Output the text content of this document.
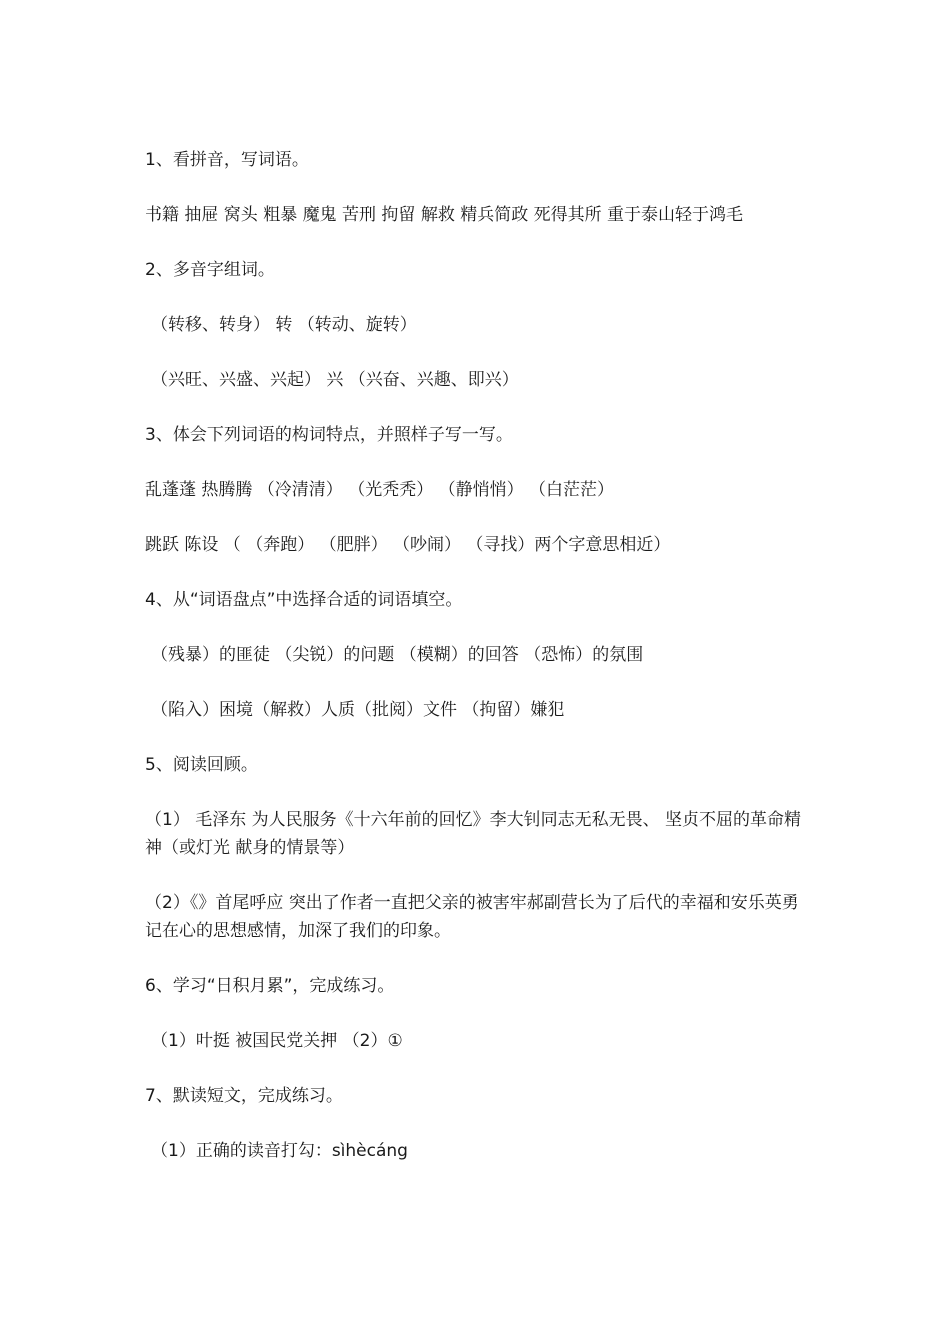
1、看拼音，写词语。

书籍 抽屉 窝头 粗暴 魔鬼 苦刑 拘留 解救 精兵简政 死得其所 重于泰山轻于鸿毛

2、多音字组词。

（转移、转身） 转 （转动、旋转）

（兴旺、兴盛、兴起） 兴 （兴奋、兴趣、即兴）

3、体会下列词语的构词特点，并照样子写一写。

乱蓬蓬 热腾腾 （冷清清） （光秃秃） （静悄悄） （白茫茫）

跳跃 陈设 （ （奔跑） （肥胖） （吵闹） （寻找）两个字意思相近）

4、从“词语盘点”中选择合适的词语填空。

（残暴）的匪徒 （尖锐）的问题 （模糊）的回答 （恐怖）的氛围

（陷入）困境（解救）人质（批阅）文件 （拘留）嫌犯

5、阅读回顾。

（1） 毛泽东 为人民服务《十六年前的回忆》李大钊同志无私无畏、 坚贞不屈的革命精神（或灯光 献身的情景等）

（2）《》首尾呼应 突出了作者一直把父亲的被害牢郝副营长为了后代的幸福和安乐英勇记在心的思想感情，加深了我们的印象。

6、学习“日积月累”，完成练习。

（1）叶挺 被国民党关押 （2）①

7、默读短文，完成练习。

（1）正确的读音打勾：sìhècáng
